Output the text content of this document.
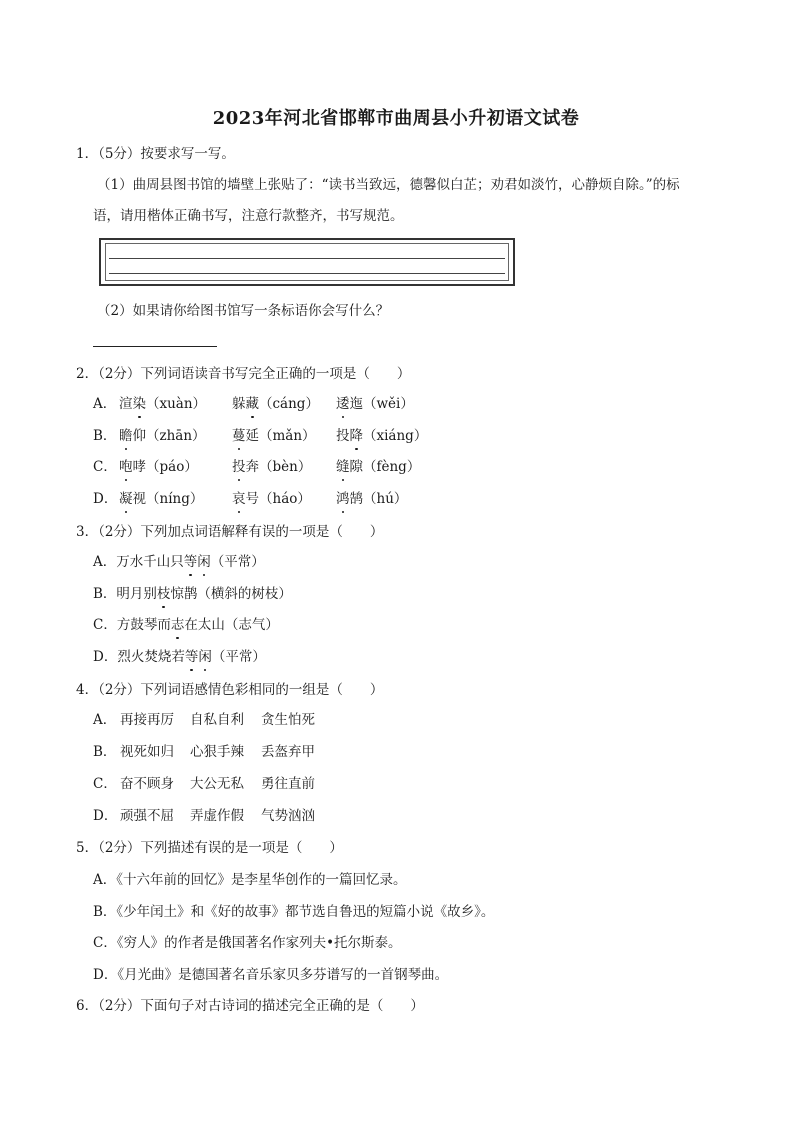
2023年河北省邯郸市曲周县小升初语文试卷
1．（5分）按要求写一写。
（1）曲周县图书馆的墙壁上张贴了：“读书当致远，德馨似白芷；劝君如淡竹，心静烦自除。”的标
语，请用楷体正确书写，注意行款整齐，书写规范。
（2）如果请你给图书馆写一条标语你会写什么？
2．（2分）下列词语读音书写完全正确的一项是（　　）
A． 渲染（xuàn） 躲藏（cáng） 逶迤（wěi）
B． 瞻仰（zhān） 蔓延（mǎn） 投降（xiáng）
C． 咆哮（páo）	投奔（bèn） 缝隙（fèng）
D． 凝视（níng） 哀号（háo） 鸿鹄（hú）
3．（2分）下列加点词语解释有误的一项是（　　）
A．万水千山只等闲（平常）
B．明月别枝惊鹊（横斜的树枝）
C．方鼓琴而志在太山（志气）
D．烈火焚烧若等闲（平常）
4．（2分）下列词语感情色彩相同的一组是（　　）
A． 再接再厉 自私自利 贪生怕死
B． 视死如归 心狠手辣 丢盔弃甲
C． 奋不顾身 大公无私 勇往直前
D． 顽强不屈 弄虚作假 气势汹汹
5．（2分）下列描述有误的是一项是（　　）
A．《十六年前的回忆》是李星华创作的一篇回忆录。
B．《少年闰土》和《好的故事》都节选自鲁迅的短篇小说《故乡》。
C．《穷人》的作者是俄国著名作家列夫•托尔斯泰。
D．《月光曲》是德国著名音乐家贝多芬谱写的一首钢琴曲。
6．（2分）下面句子对古诗词的描述完全正确的是（　　）
